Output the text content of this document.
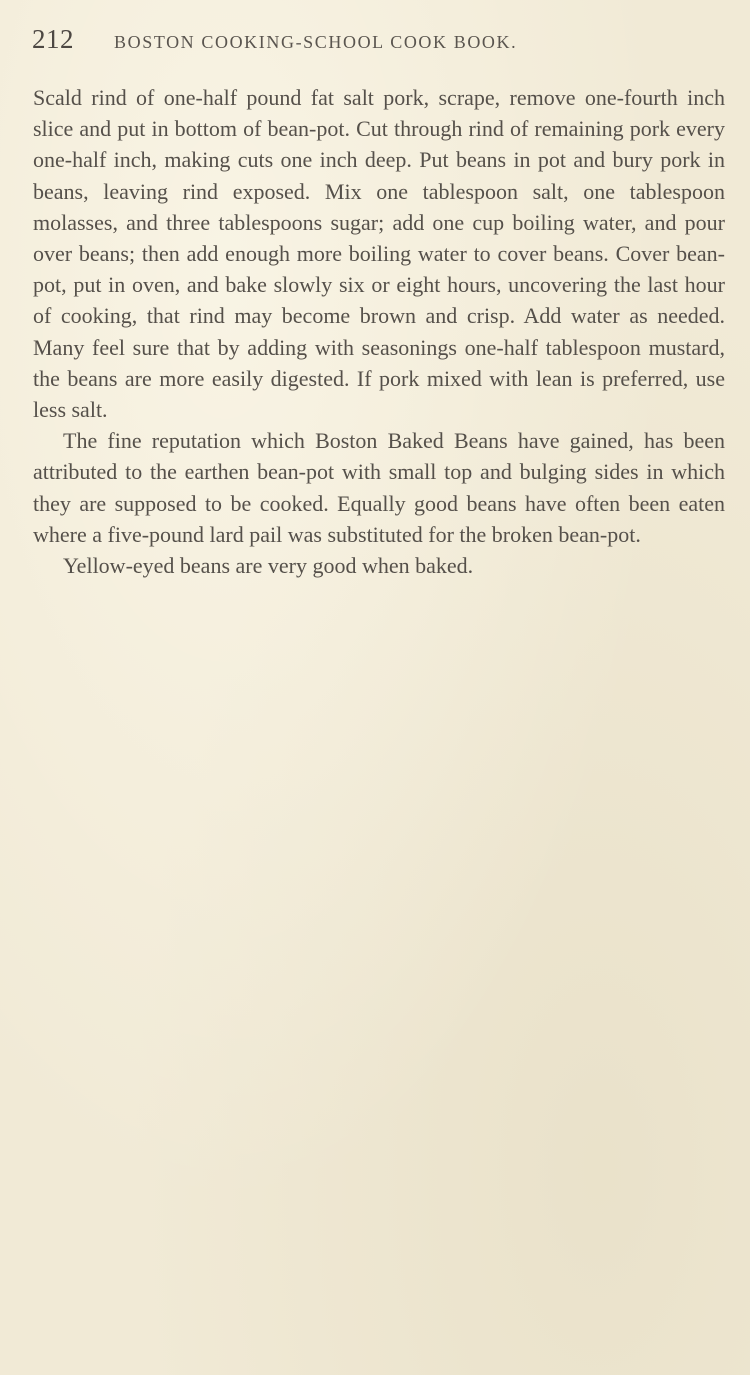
212 BOSTON COOKING-SCHOOL COOK BOOK.

Scald rind of one-half pound fat salt pork, scrape, remove one-fourth inch slice and put in bottom of bean-pot. Cut through rind of remaining pork every one-half inch, making cuts one inch deep. Put beans in pot and bury pork in beans, leaving rind exposed. Mix one tablespoon salt, one tablespoon molasses, and three tablespoons sugar; add one cup boiling water, and pour over beans; then add enough more boiling water to cover beans. Cover bean-pot, put in oven, and bake slowly six or eight hours, uncovering the last hour of cooking, that rind may become brown and crisp. Add water as needed. Many feel sure that by adding with seasonings one-half tablespoon mustard, the beans are more easily digested. If pork mixed with lean is preferred, use less salt.

The fine reputation which Boston Baked Beans have gained, has been attributed to the earthen bean-pot with small top and bulging sides in which they are supposed to be cooked. Equally good beans have often been eaten where a five-pound lard pail was substituted for the broken bean-pot.

Yellow-eyed beans are very good when baked.
